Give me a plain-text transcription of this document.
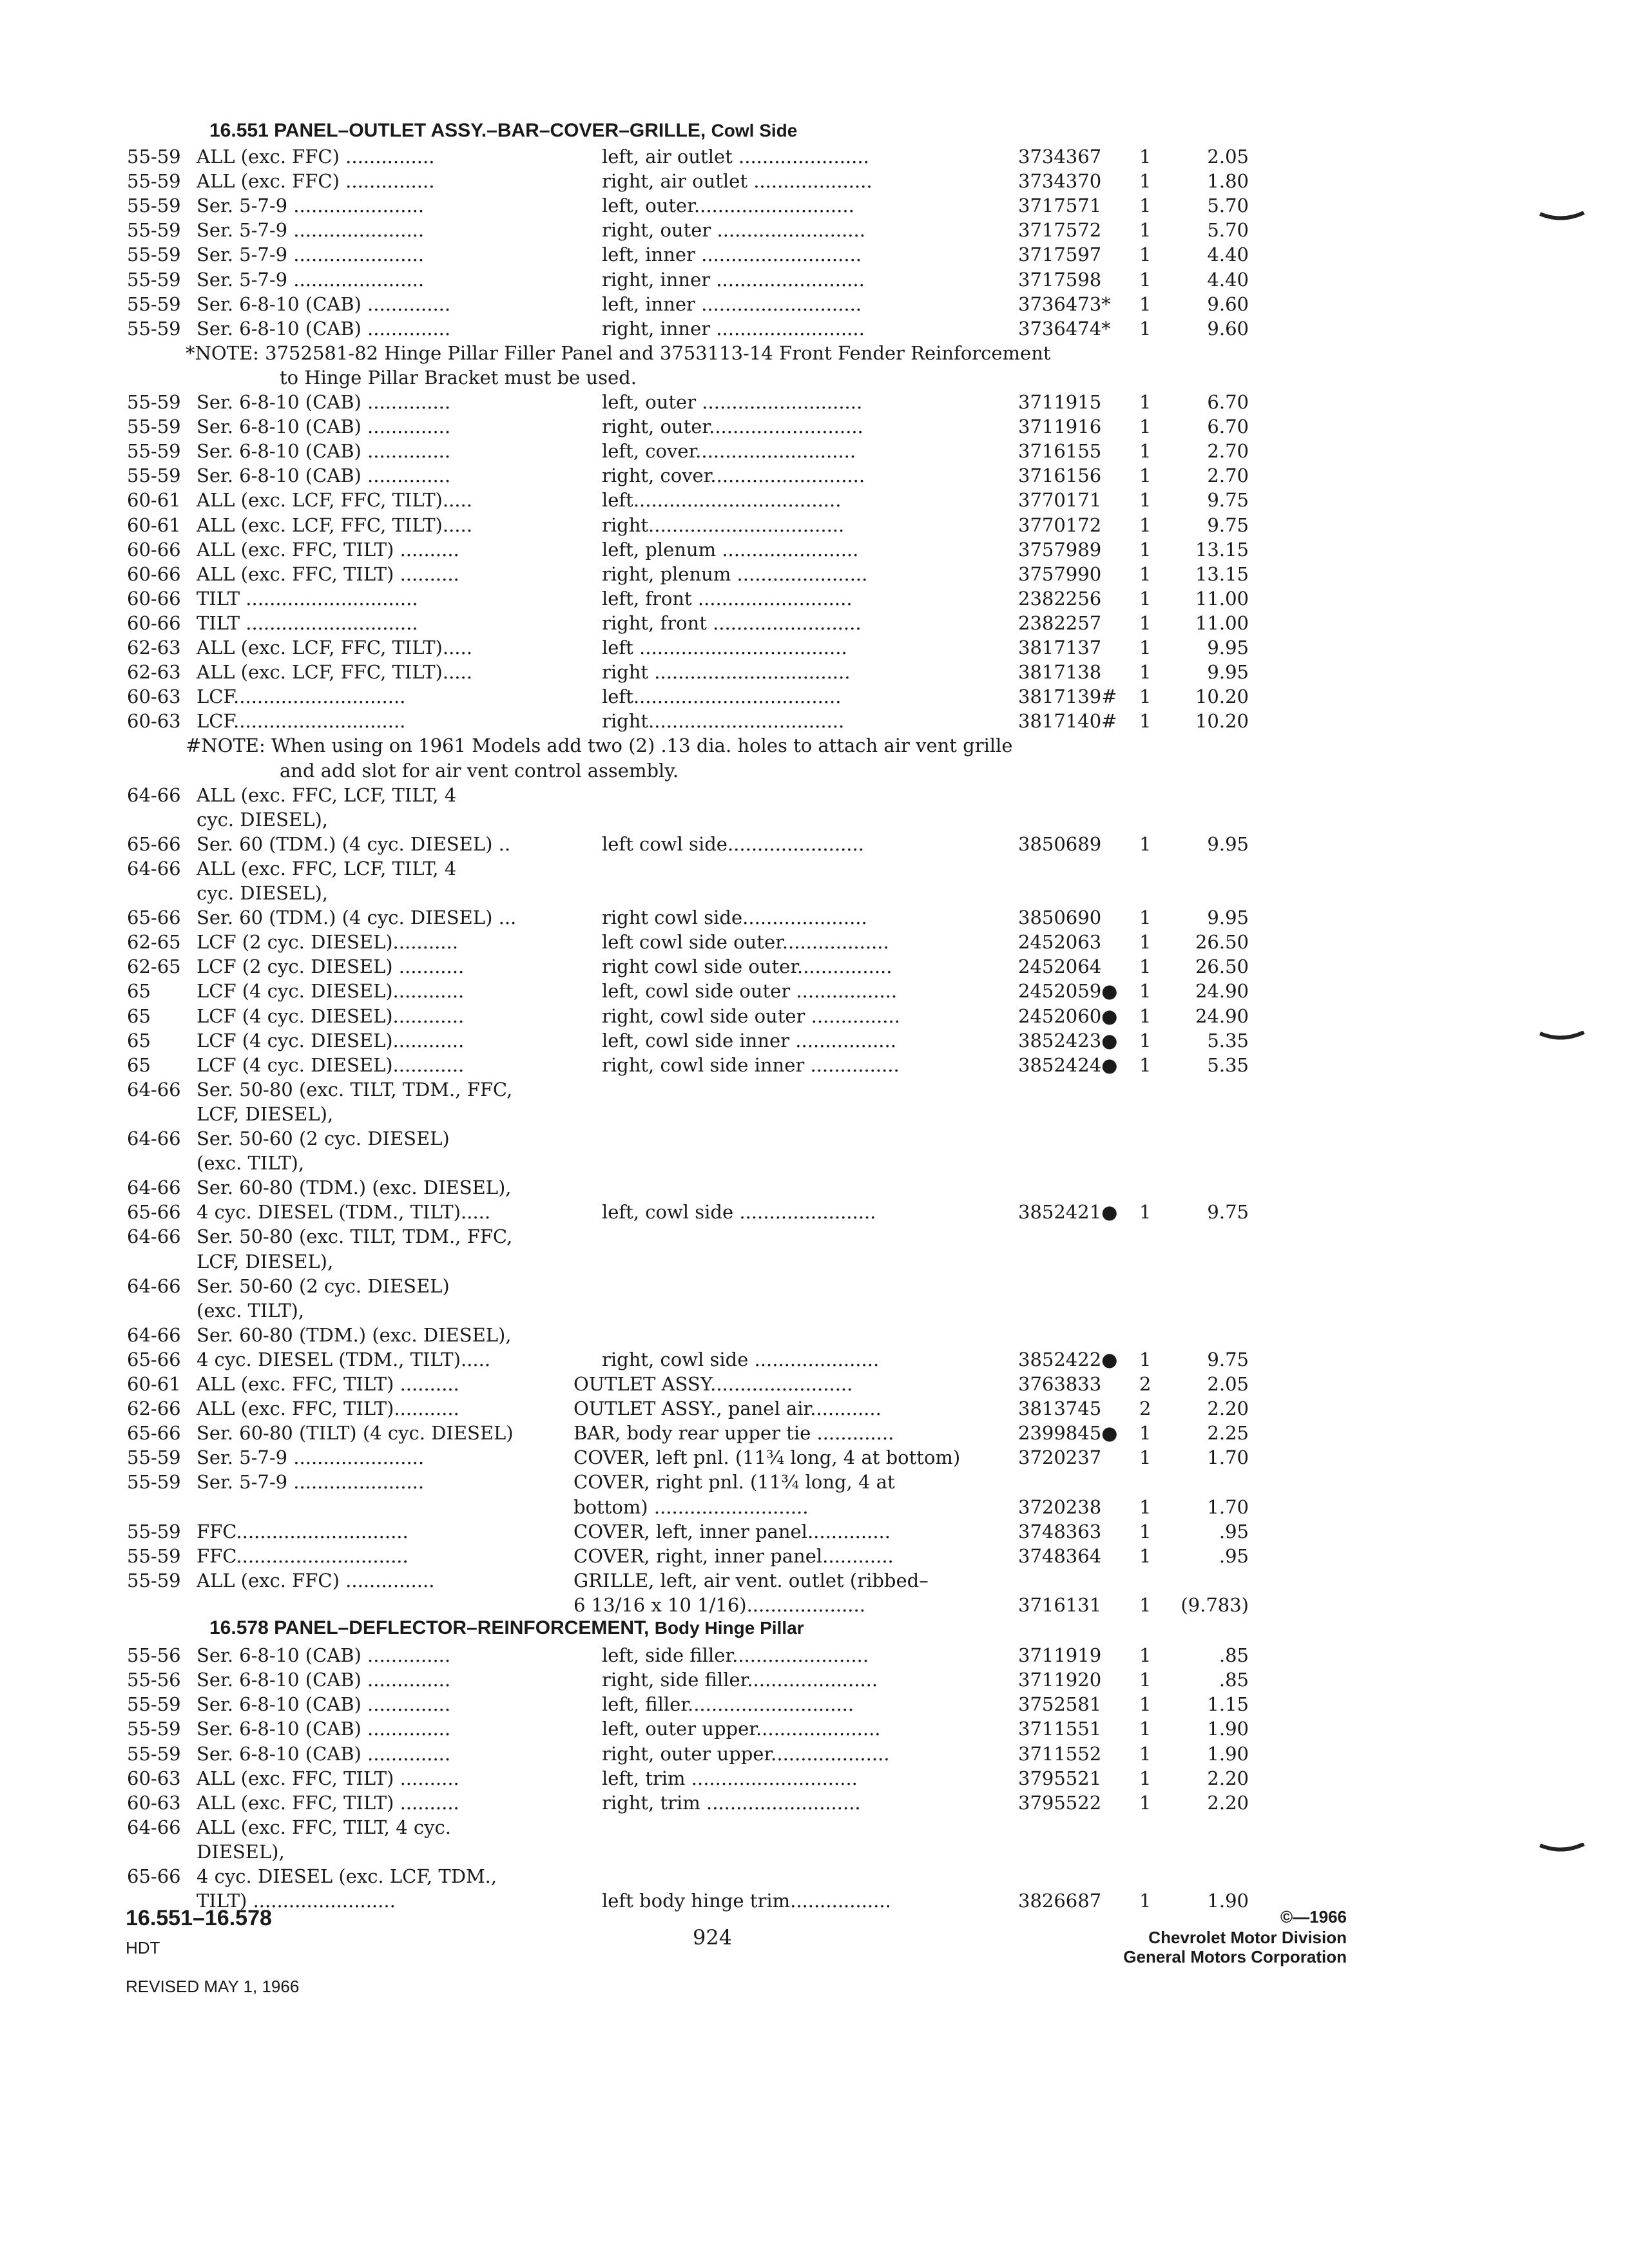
16.551 PANEL–OUTLET ASSY.–BAR–COVER–GRILLE, Cowl Side
55-59 ALL (exc. FFC) ...............	left, air outlet ......................	3734367 1	2.05
55-59 ALL (exc. FFC) ...............	right, air outlet ....................	3734370 1	1.80
55-59 Ser. 5-7-9 ......................	left, outer...........................	3717571 1	5.70
55-59 Ser. 5-7-9 ......................	right, outer .........................	3717572 1	5.70
55-59 Ser. 5-7-9 ......................	left, inner ...........................	3717597 1	4.40
55-59 Ser. 5-7-9 ......................	right, inner .........................	3717598 1	4.40
55-59 Ser. 6-8-10 (CAB) ..............	left, inner ...........................	3736473* 1	9.60
55-59 Ser. 6-8-10 (CAB) ..............	right, inner .........................	3736474* 1	9.60
*NOTE: 3752581-82 Hinge Pillar Filler Panel and 3753113-14 Front Fender Reinforcement
to Hinge Pillar Bracket must be used.
55-59 Ser. 6-8-10 (CAB) ..............	left, outer ...........................	3711915 1	6.70
55-59 Ser. 6-8-10 (CAB) ..............	right, outer..........................	3711916 1	6.70
55-59 Ser. 6-8-10 (CAB) ..............	left, cover...........................	3716155 1	2.70
55-59 Ser. 6-8-10 (CAB) ..............	right, cover..........................	3716156 1	2.70
60-61 ALL (exc. LCF, FFC, TILT).....	left...................................	3770171 1	9.75
60-61 ALL (exc. LCF, FFC, TILT).....	right.................................	3770172 1	9.75
60-66 ALL (exc. FFC, TILT) ..........	left, plenum .......................	3757989 1 13.15
60-66 ALL (exc. FFC, TILT) ..........	right, plenum ......................	3757990 1 13.15
60-66 TILT .............................	left, front ..........................	2382256 1 11.00
60-66 TILT .............................	right, front .........................	2382257 1 11.00
62-63 ALL (exc. LCF, FFC, TILT).....	left ...................................	3817137 1	9.95
62-63 ALL (exc. LCF, FFC, TILT).....	right .................................	3817138 1	9.95
60-63 LCF.............................	left...................................	3817139# 1 10.20
60-63 LCF.............................	right.................................	3817140# 1 10.20
#NOTE: When using on 1961 Models add two (2) .13 dia. holes to attach air vent grille
and add slot for air vent control assembly.
64-66 ALL (exc. FFC, LCF, TILT, 4
cyc. DIESEL),
65-66 Ser. 60 (TDM.) (4 cyc. DIESEL) ..	left cowl side.......................	3850689 1	9.95
64-66 ALL (exc. FFC, LCF, TILT, 4
cyc. DIESEL),
65-66 Ser. 60 (TDM.) (4 cyc. DIESEL) ...	right cowl side.....................	3850690 1	9.95
62-65 LCF (2 cyc. DIESEL)...........	left cowl side outer..................	2452063 1 26.50
62-65 LCF (2 cyc. DIESEL) ...........	right cowl side outer................	2452064 1 26.50
65 LCF (4 cyc. DIESEL)............	left, cowl side outer .................	2452059● 1 24.90
65 LCF (4 cyc. DIESEL)............	right, cowl side outer ...............	2452060● 1 24.90
65 LCF (4 cyc. DIESEL)............	left, cowl side inner .................	3852423● 1	5.35
65 LCF (4 cyc. DIESEL)............	right, cowl side inner ...............	3852424● 1	5.35
64-66 Ser. 50-80 (exc. TILT, TDM., FFC,
LCF, DIESEL),
64-66 Ser. 50-60 (2 cyc. DIESEL)
(exc. TILT),
64-66 Ser. 60-80 (TDM.) (exc. DIESEL),
65-66 4 cyc. DIESEL (TDM., TILT).....	left, cowl side .......................	3852421● 1	9.75
64-66 Ser. 50-80 (exc. TILT, TDM., FFC,
LCF, DIESEL),
64-66 Ser. 50-60 (2 cyc. DIESEL)
(exc. TILT),
64-66 Ser. 60-80 (TDM.) (exc. DIESEL),
65-66 4 cyc. DIESEL (TDM., TILT).....	right, cowl side .....................	3852422● 1	9.75
60-61 ALL (exc. FFC, TILT) ..........	OUTLET ASSY........................	3763833 2	2.05
62-66 ALL (exc. FFC, TILT)...........	OUTLET ASSY., panel air............	3813745 2	2.20
65-66 Ser. 60-80 (TILT) (4 cyc. DIESEL)	BAR, body rear upper tie .............	2399845● 1	2.25
55-59 Ser. 5-7-9 ......................	COVER, left pnl. (11¾ long, 4 at bottom)	3720237 1	1.70
55-59 Ser. 5-7-9 ......................	COVER, right pnl. (11¾ long, 4 at
bottom) ..........................	3720238 1	1.70
55-59 FFC.............................	COVER, left, inner panel..............	3748363 1	.95
55-59 FFC.............................	COVER, right, inner panel............	3748364 1	.95
55-59 ALL (exc. FFC) ...............	GRILLE, left, air vent. outlet (ribbed–
6 13/16 x 10 1/16)....................	3716131 1 (9.783)
16.578 PANEL–DEFLECTOR–REINFORCEMENT, Body Hinge Pillar
55-56 Ser. 6-8-10 (CAB) ..............	left, side filler.......................	3711919 1	.85
55-56 Ser. 6-8-10 (CAB) ..............	right, side filler......................	3711920 1	.85
55-59 Ser. 6-8-10 (CAB) ..............	left, filler............................	3752581 1	1.15
55-59 Ser. 6-8-10 (CAB) ..............	left, outer upper.....................	3711551 1	1.90
55-59 Ser. 6-8-10 (CAB) ..............	right, outer upper....................	3711552 1	1.90
60-63 ALL (exc. FFC, TILT) ..........	left, trim ............................	3795521 1	2.20
60-63 ALL (exc. FFC, TILT) ..........	right, trim ..........................	3795522 1	2.20
64-66 ALL (exc. FFC, TILT, 4 cyc.
DIESEL),
65-66 4 cyc. DIESEL (exc. LCF, TDM.,
TILT) ........................	left body hinge trim.................	3826687 1	1.90
16.551–16.578
HDT
REVISED MAY 1, 1966
924
©—1966
Chevrolet Motor Division
General Motors Corporation
